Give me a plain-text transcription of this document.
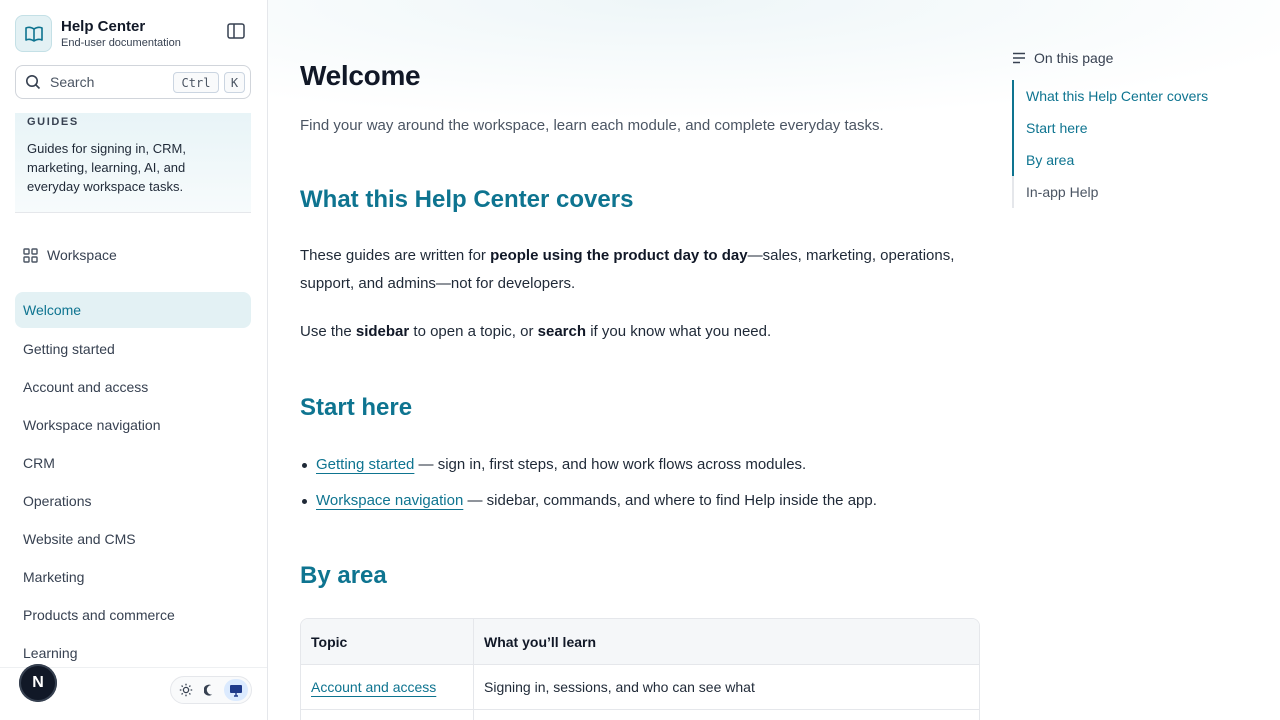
Help Center
End-user documentation
Search	Ctrl	K
GUIDES
Guides for signing in, CRM, marketing, learning, AI, and everyday workspace tasks.
Workspace
Welcome
Getting started
Account and access
Workspace navigation
CRM
Operations
Website and CMS
Marketing
Products and commerce
Learning
N
Welcome

Find your way around the workspace, learn each module, and complete everyday tasks.

What this Help Center covers

These guides are written for people using the product day to day—sales, marketing, operations, support, and admins—not for developers.

Use the sidebar to open a topic, or search if you know what you need.

Start here
Getting started — sign in, first steps, and how work flows across modules.
Workspace navigation — sidebar, commands, and where to find Help inside the app.
By area
Topic	What you’ll learn
Account and access	Signing in, sessions, and who can see what
On this page
What this Help Center covers
Start here
By area
In-app Help
